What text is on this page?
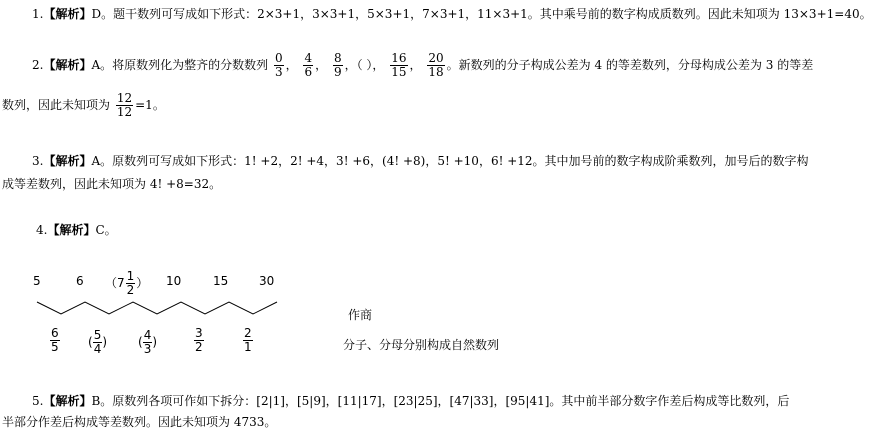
1.【解析】D。题干数列可写成如下形式：2×3+1，3×3+1，5×3+1，7×3+1，11×3+1。其中乘号前的数字构成质数列。因此未知项为 13×3+1=40。
2.【解析】A。将原数列化为整齐的分数数列 $\frac{0}{3}$ ， $\frac{4}{6}$ ， $\frac{8}{9}$ ，（ ）， $\frac{16}{15}$ ， $\frac{20}{18}$ 。新数列的分子构成公差为 4 的等差数列，分母构成公差为 3 的等差
数列，因此未知项为 $\frac{12}{12} =1$。
3.【解析】A。原数列可写成如下形式：1! +2，2! +4，3! +6，(4! +8)，5! +10，6! +12。其中加号前的数字构成阶乘数列，加号后的数字构
成等差数列，因此未知项为 4! +8=32。
4.【解析】C。
5	6 （$7 \frac{1}{2}$ ） 10	15	30
$\frac{6}{5}$ ( $\frac{5}{4}$ )	( $\frac{4}{3}$ )	$\frac{3}{2}$	$\frac{2}{1}$
作商
分子、分母分别构成自然数列
5.【解析】B。原数列各项可作如下拆分：[2|1]，[5|9]，[11|17]，[23|25]，[47|33]，[95|41]。其中前半部分数字作差后构成等比数列，后
半部分作差后构成等差数列。因此未知项为 4733。
